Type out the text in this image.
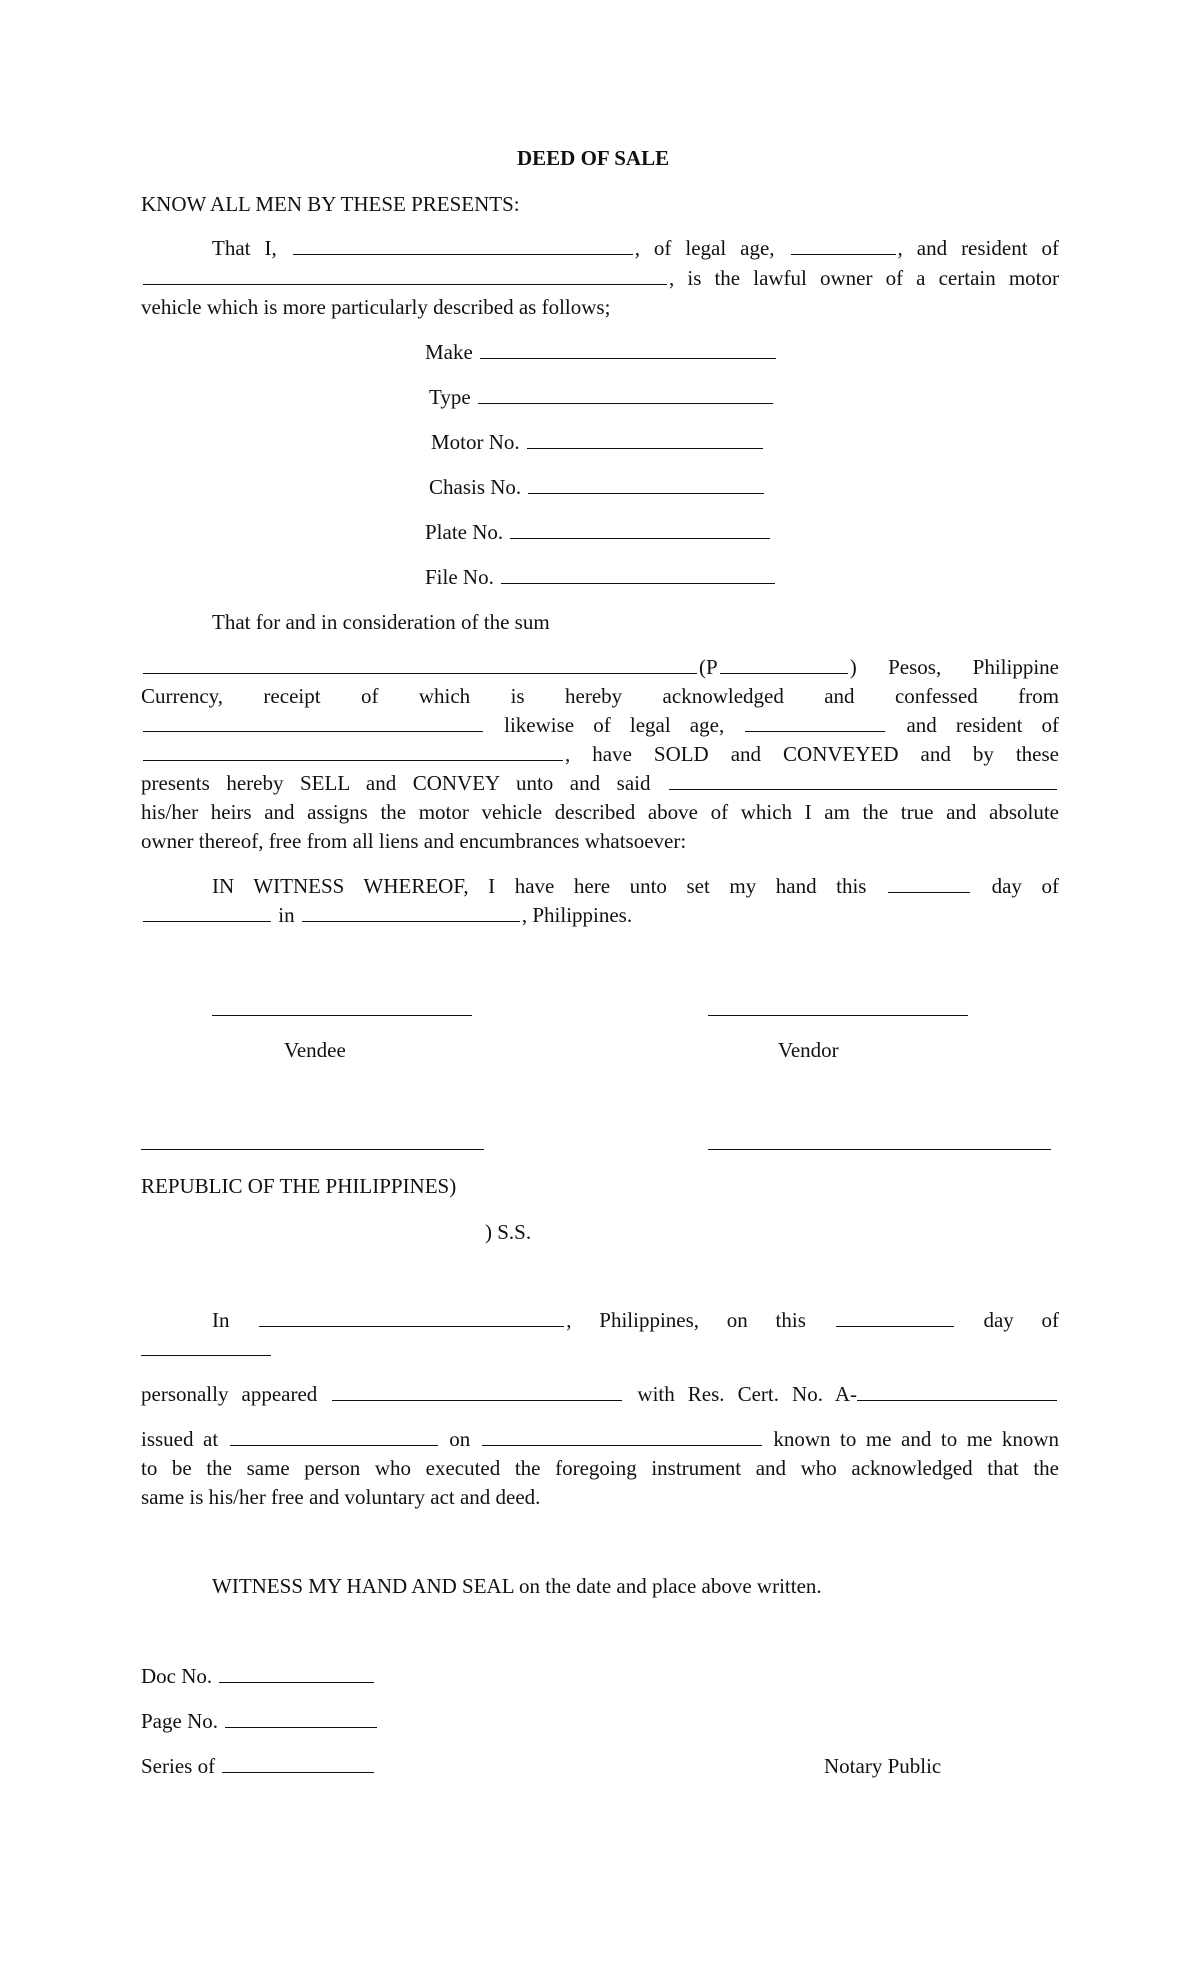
DEED OF SALE
KNOW ALL MEN BY THESE PRESENTS:
That I,	, of legal age,	, and resident of
, is the lawful owner of a certain motor
vehicle which is more particularly described as follows;
Make
Type
Motor No.
Chasis No.
Plate No.
File No.
That for and in consideration of the sum
(P	) Pesos, Philippine
Currency, receipt of which is hereby acknowledged and confessed from
likewise of legal age,	and resident of
, have SOLD and CONVEYED and by these
presents hereby SELL and CONVEY unto and said
his/her heirs and assigns the motor vehicle described above of which I am the true and absolute
owner thereof, free from all liens and encumbrances whatsoever:
IN WITNESS WHEREOF, I have here unto set my hand this	day of
in	, Philippines.
Vendee	Vendor
REPUBLIC OF THE PHILIPPINES)
) S.S.
In	, Philippines, on this	day of
personally appeared	with Res. Cert. No. A-
issued at	on	known to me and to me known
to be the same person who executed the foregoing instrument and who acknowledged that the
same is his/her free and voluntary act and deed.
WITNESS MY HAND AND SEAL on the date and place above written.
Doc No.
Page No.
Series of	Notary Public
